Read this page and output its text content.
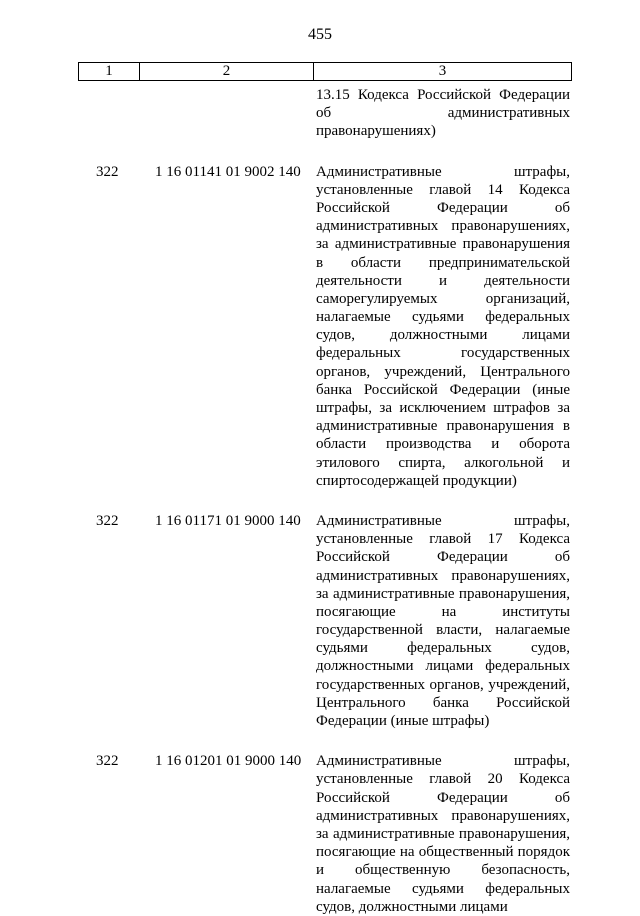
455
1	2	3
13.15 Кодекса Российской Федерации
об административных
правонарушениях)
322	1 16 01141 01 9002 140 Административные штрафы,
установленные главой 14 Кодекса
Российской Федерации об
административных правонарушениях,
за административные правонарушения
в области предпринимательской
деятельности и деятельности
саморегулируемых организаций,
налагаемые судьями федеральных
судов, должностными лицами
федеральных государственных
органов, учреждений, Центрального
банка Российской Федерации (иные
штрафы, за исключением штрафов за
административные правонарушения в
области производства и оборота
этилового спирта, алкогольной и
спиртосодержащей продукции)
322	1 16 01171 01 9000 140 Административные штрафы,
установленные главой 17 Кодекса
Российской Федерации об
административных правонарушениях,
за административные правонарушения,
посягающие на институты
государственной власти, налагаемые
судьями федеральных судов,
должностными лицами федеральных
государственных органов, учреждений,
Центрального банка Российской
Федерации (иные штрафы)
322	1 16 01201 01 9000 140 Административные штрафы,
установленные главой 20 Кодекса
Российской Федерации об
административных правонарушениях,
за административные правонарушения,
посягающие на общественный порядок
и общественную безопасность,
налагаемые судьями федеральных
судов, должностными лицами
